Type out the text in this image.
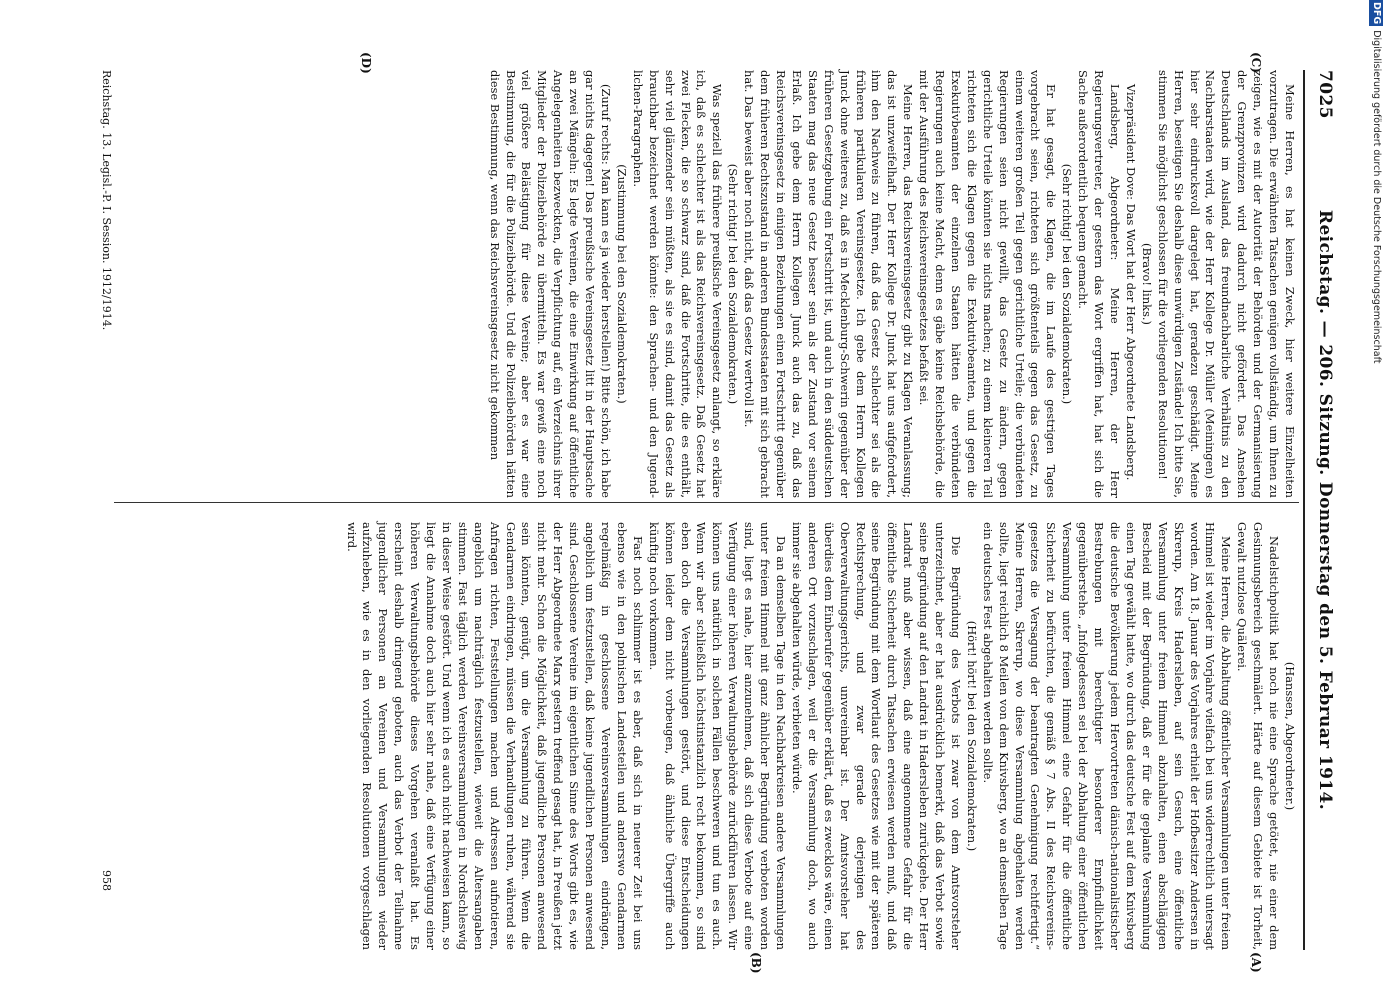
7025
Reichstag. — 206. Sitzung. Donnerstag den 5. Februar 1914.
(C)
(A)
(D)
(B)

Meine Herren, es hat keinen Zweck, hier weitere Einzelheiten vorzutragen. Die erwähnten Tatsachen genügen vollständig, um Ihnen zu zeigen, wie es mit der Autorität der Behörden und der Germanisierung der Grenzprovinzen wird dadurch nicht gefördert. Das Ansehen Deutschlands im Ausland, das freundnachbarliche Verhältnis zu den Nachbarstaaten wird, wie der Herr Kollege Dr. Müller (Meiningen) es hier sehr eindrucksvoll dargelegt hat, geradezu geschädigt. Meine Herren, beseitigen Sie deshalb diese unwürdigen Zustände! Ich bitte Sie, stimmen Sie möglichst geschlossen für die vorliegenden Resolutionen!

(Bravo! links.)

Vizepräsident Dove: Das Wort hat der Herr Abgeordnete Landsberg.

Landsberg, Abgeordneter: Meine Herren, der Herr Regierungsvertreter, der gestern das Wort ergriffen hat, hat sich die Sache außerordentlich bequem gemacht.

(Sehr richtig! bei den Sozialdemokraten.)

Er hat gesagt, die Klagen, die im Laufe des gestrigen Tages vorgebracht seien, richteten sich größtenteils gegen das Gesetz, zu einem weiteren großen Teil gegen gerichtliche Urteile; die verbündeten Regierungen seien nicht gewillt, das Gesetz zu ändern, gegen gerichtliche Urteile könnten sie nichts machen; zu einem kleineren Teil richteten sich die Klagen gegen die Exekutivbeamten, und gegen die Exekutivbeamten der einzelnen Staaten hätten die verbündeten Regierungen auch keine Macht, denn es gäbe keine Reichsbehörde, die mit der Ausführung des Reichsvereinsgesetzes befaßt sei.

Meine Herren, das Reichsvereinsgesetz gibt zu Klagen Veranlassung; das ist unzweifelhaft. Der Herr Kollege Dr. Junck hat uns aufgefordert, ihm den Nachweis zu führen, daß das Gesetz schlechter sei als die früheren partikularen Vereinsgesetze. Ich gebe dem Herrn Kollegen Junck ohne weiteres zu, daß es in Mecklenburg-Schwerin gegenüber der früheren Gesetzgebung ein Fortschritt ist, und auch in den süddeutschen Staaten mag das neue Gesetz besser sein als der Zustand vor seinem Erlaß. Ich gebe dem Herrn Kollegen Junck auch das zu, daß das Reichsvereinsgesetz in einigen Beziehungen einen Fortschritt gegenüber dem früheren Rechtszustand in anderen Bundesstaaten mit sich gebracht hat. Das beweist aber noch nicht, daß das Gesetz wertvoll ist.

(Sehr richtig! bei den Sozialdemokraten.)

Was speziell das frühere preußische Vereinsgesetz anlangt, so erkläre ich, daß es schlechter ist als das Reichsvereinsgesetz. Daß Gesetz hat zwei Flecken, die so schwarz sind, daß die Fortschritte, die es enthält, sehr viel glänzender sein müßten, als sie es sind, damit das Gesetz als brauchbar bezeichnet werden könnte: den Sprachen- und den Jugendlichen-Paragraphen.

(Zustimmung bei den Sozialdemokraten.)

(Zuruf rechts: Man kann es ja wieder herstellen!) Bitte schön, ich habe gar nichts dagegen! Das preußische Vereinsgesetz litt in der Hauptsache an zwei Mängeln: Es legte Vereinen, die eine Einwirkung auf öffentliche Angelegenheiten bezweckten, die Verpflichtung auf, ein Verzeichnis ihrer Mitglieder der Polizeibehörde zu übermitteln. Es war gewiß eine noch viel größere Belästigung für diese Vereine; aber es war eine Bestimmung, die für die Polizeibehörde. Und die Polizeibehörden hätten diese Bestimmung, wenn das Reichsvereinsgesetz nicht gekommen

(Hanssen, Abgeordneter.)

Nadelstichpolitik hat noch nie eine Sprache getötet, nie einer dem Gesinnungsbereich geschmälert. Härte auf diesem Gebiete ist Torheit, Gewalt nutzlose Quälerei.

Meine Herren, die Abhaltung öffentlicher Versammlungen unter freiem Himmel ist wieder im Vorjahre vielfach bei uns widerrechtlich untersagt worden. Am 18. Januar des Vorjahres erhielt der Hofbesitzer Andersen in Skrerup, Kreis Hadersleben, auf sein Gesuch, eine öffentliche Versammlung unter freiem Himmel abzuhalten, einen abschlägigen Bescheid mit der Begründung, daß er für die geplante Versammlung einen Tag gewählt hatte, wo durch das deutsche Fest auf dem Knivsberg die deutsche Bevölkerung jedem Hervortreten dänisch-nationalistischer Bestrebungen mit berechtigter besonderer Empfindlichkeit gegenüberstehe. „Infolgedessen sei bei der Abhaltung einer öffentlichen Versammlung unter freiem Himmel eine Gefahr für die öffentliche Sicherheit zu befürchten, die gemäß § 7 Abs. II des Reichsvereinsgesetzes die Versagung der beantragten Genehmigung rechtfertigt.“ Meine Herren, Skrerup, wo diese Versammlung abgehalten werden sollte, liegt reichlich 8 Meilen von dem Knivsberg, wo an demselben Tage ein deutsches Fest abgehalten werden sollte.

(Hört! hört! bei den Sozialdemokraten.)

Die Begründung des Verbots ist zwar von dem Amtsvorsteher unterzeichnet, aber er hat ausdrücklich bemerkt, daß das Verbot sowie seine Begründung auf den Landrat in Hadersleben zurückgehe. Der Herr Landrat muß aber wissen, daß eine angenommene Gefahr für die öffentliche Sicherheit durch Tatsachen erwiesen werden muß, und daß seine Begründung mit dem Wortlaut des Gesetzes wie mit der späteren Rechtsprechung, und zwar gerade derjenigen des Oberverwaltungsgerichts, unvereinbar ist. Der Amtsvorsteher hat überdies dem Einberufer gegenüber erklärt, daß es zwecklos wäre, einen anderen Ort vorzuschlagen, weil er die Versammlung doch, wo auch immer sie abgehalten würde, verbieten würde.

Da an demselben Tage in den Nachbarkreisen andere Versammlungen unter freiem Himmel mit ganz ähnlicher Begründung verboten worden sind, liegt es nahe, hier anzunehmen, daß sich diese Verbote auf eine Verfügung einer höheren Verwaltungsbehörde zurückführen lassen. Wir können uns natürlich in solchen Fällen beschweren und tun es auch. Wenn wir aber schließlich höchstinstanzlich recht bekommen, so sind eben doch die Versammlungen gestört, und diese Entscheidungen können leider dem nicht vorbeugen, daß ähnliche Übergriffe auch künftig noch vorkommen.

Fast noch schlimmer ist es aber, daß sich in neuerer Zeit bei uns ebenso wie in den polnischen Landesteilen und anderswo Gendarmen regelmäßig in geschlossene Vereinsversammlungen eindrängen, angeblich um festzustellen, daß keine jugendlichen Personen anwesend sind. Geschlossene Vereine im eigentlichen Sinne des Worts gibt es, wie der Herr Abgeordnete Marx gestern treffend gesagt hat, in Preußen jetzt nicht mehr. Schon die Möglichkeit, daß jugendliche Personen anwesend sein könnten, genügt, um die Versammlung zu führen. Wenn die Gendarmen eindringen, müssen die Verhandlungen ruhen, während sie Anfragen richten, Feststellungen machen und Adressen aufnotieren, angeblich um nachträglich festzustellen, wieweit die Altersangaben stimmen. Fast täglich werden Vereinsversammlungen in Nordschleswig in dieser Weise gestört. Und wenn ich es auch nicht nachweisen kann, so liegt die Annahme doch auch hier sehr nahe, daß eine Verfügung einer höheren Verwaltungsbehörde dieses Vorgehen veranlaßt hat. Es erscheint deshalb dringend geboten, auch das Verbot der Teilnahme jugendlicher Personen an Vereinen und Versammlungen wieder aufzuheben, wie es in den vorliegenden Resolutionen vorgeschlagen wird.

Reichstag. 13. Legisl.-P. I. Session. 1912/1914.
958
DFGDigitalisierung gefördert durch die Deutsche Forschungsgemeinschaft
